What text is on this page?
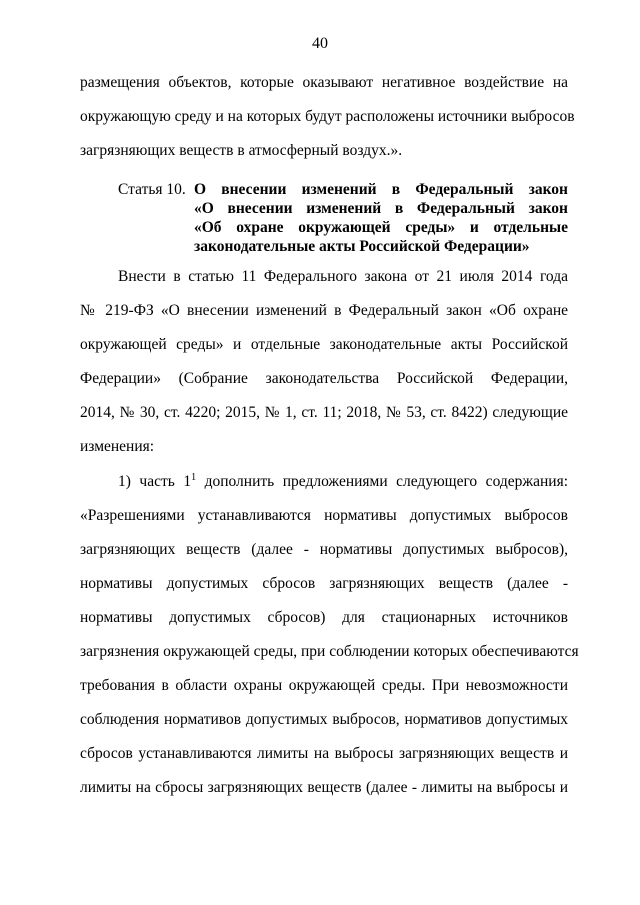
40
размещения объектов, которые оказывают негативное воздействие на
окружающую среду и на которых будут расположены источники выбросов
загрязняющих веществ в атмосферный воздух.».
Статья 10. О внесении изменений в Федеральный закон
«О внесении изменений в Федеральный закон
«Об охране окружающей среды» и отдельные
законодательные акты Российской Федерации»
Внести в статью 11 Федерального закона от 21 июля 2014 года
№ 219-ФЗ «О внесении изменений в Федеральный закон «Об охране
окружающей среды» и отдельные законодательные акты Российской
Федерации» (Собрание законодательства Российской Федерации,
2014, № 30, ст. 4220; 2015, № 1, ст. 11; 2018, № 53, ст. 8422) следующие
изменения:
1) часть $1^1$ дополнить предложениями следующего содержания:
«Разрешениями устанавливаются нормативы допустимых выбросов
загрязняющих веществ (далее - нормативы допустимых выбросов),
нормативы допустимых сбросов загрязняющих веществ (далее -
нормативы допустимых сбросов) для стационарных источников
загрязнения окружающей среды, при соблюдении которых обеспечиваются
требования в области охраны окружающей среды. При невозможности
соблюдения нормативов допустимых выбросов, нормативов допустимых
сбросов устанавливаются лимиты на выбросы загрязняющих веществ и
лимиты на сбросы загрязняющих веществ (далее - лимиты на выбросы и
